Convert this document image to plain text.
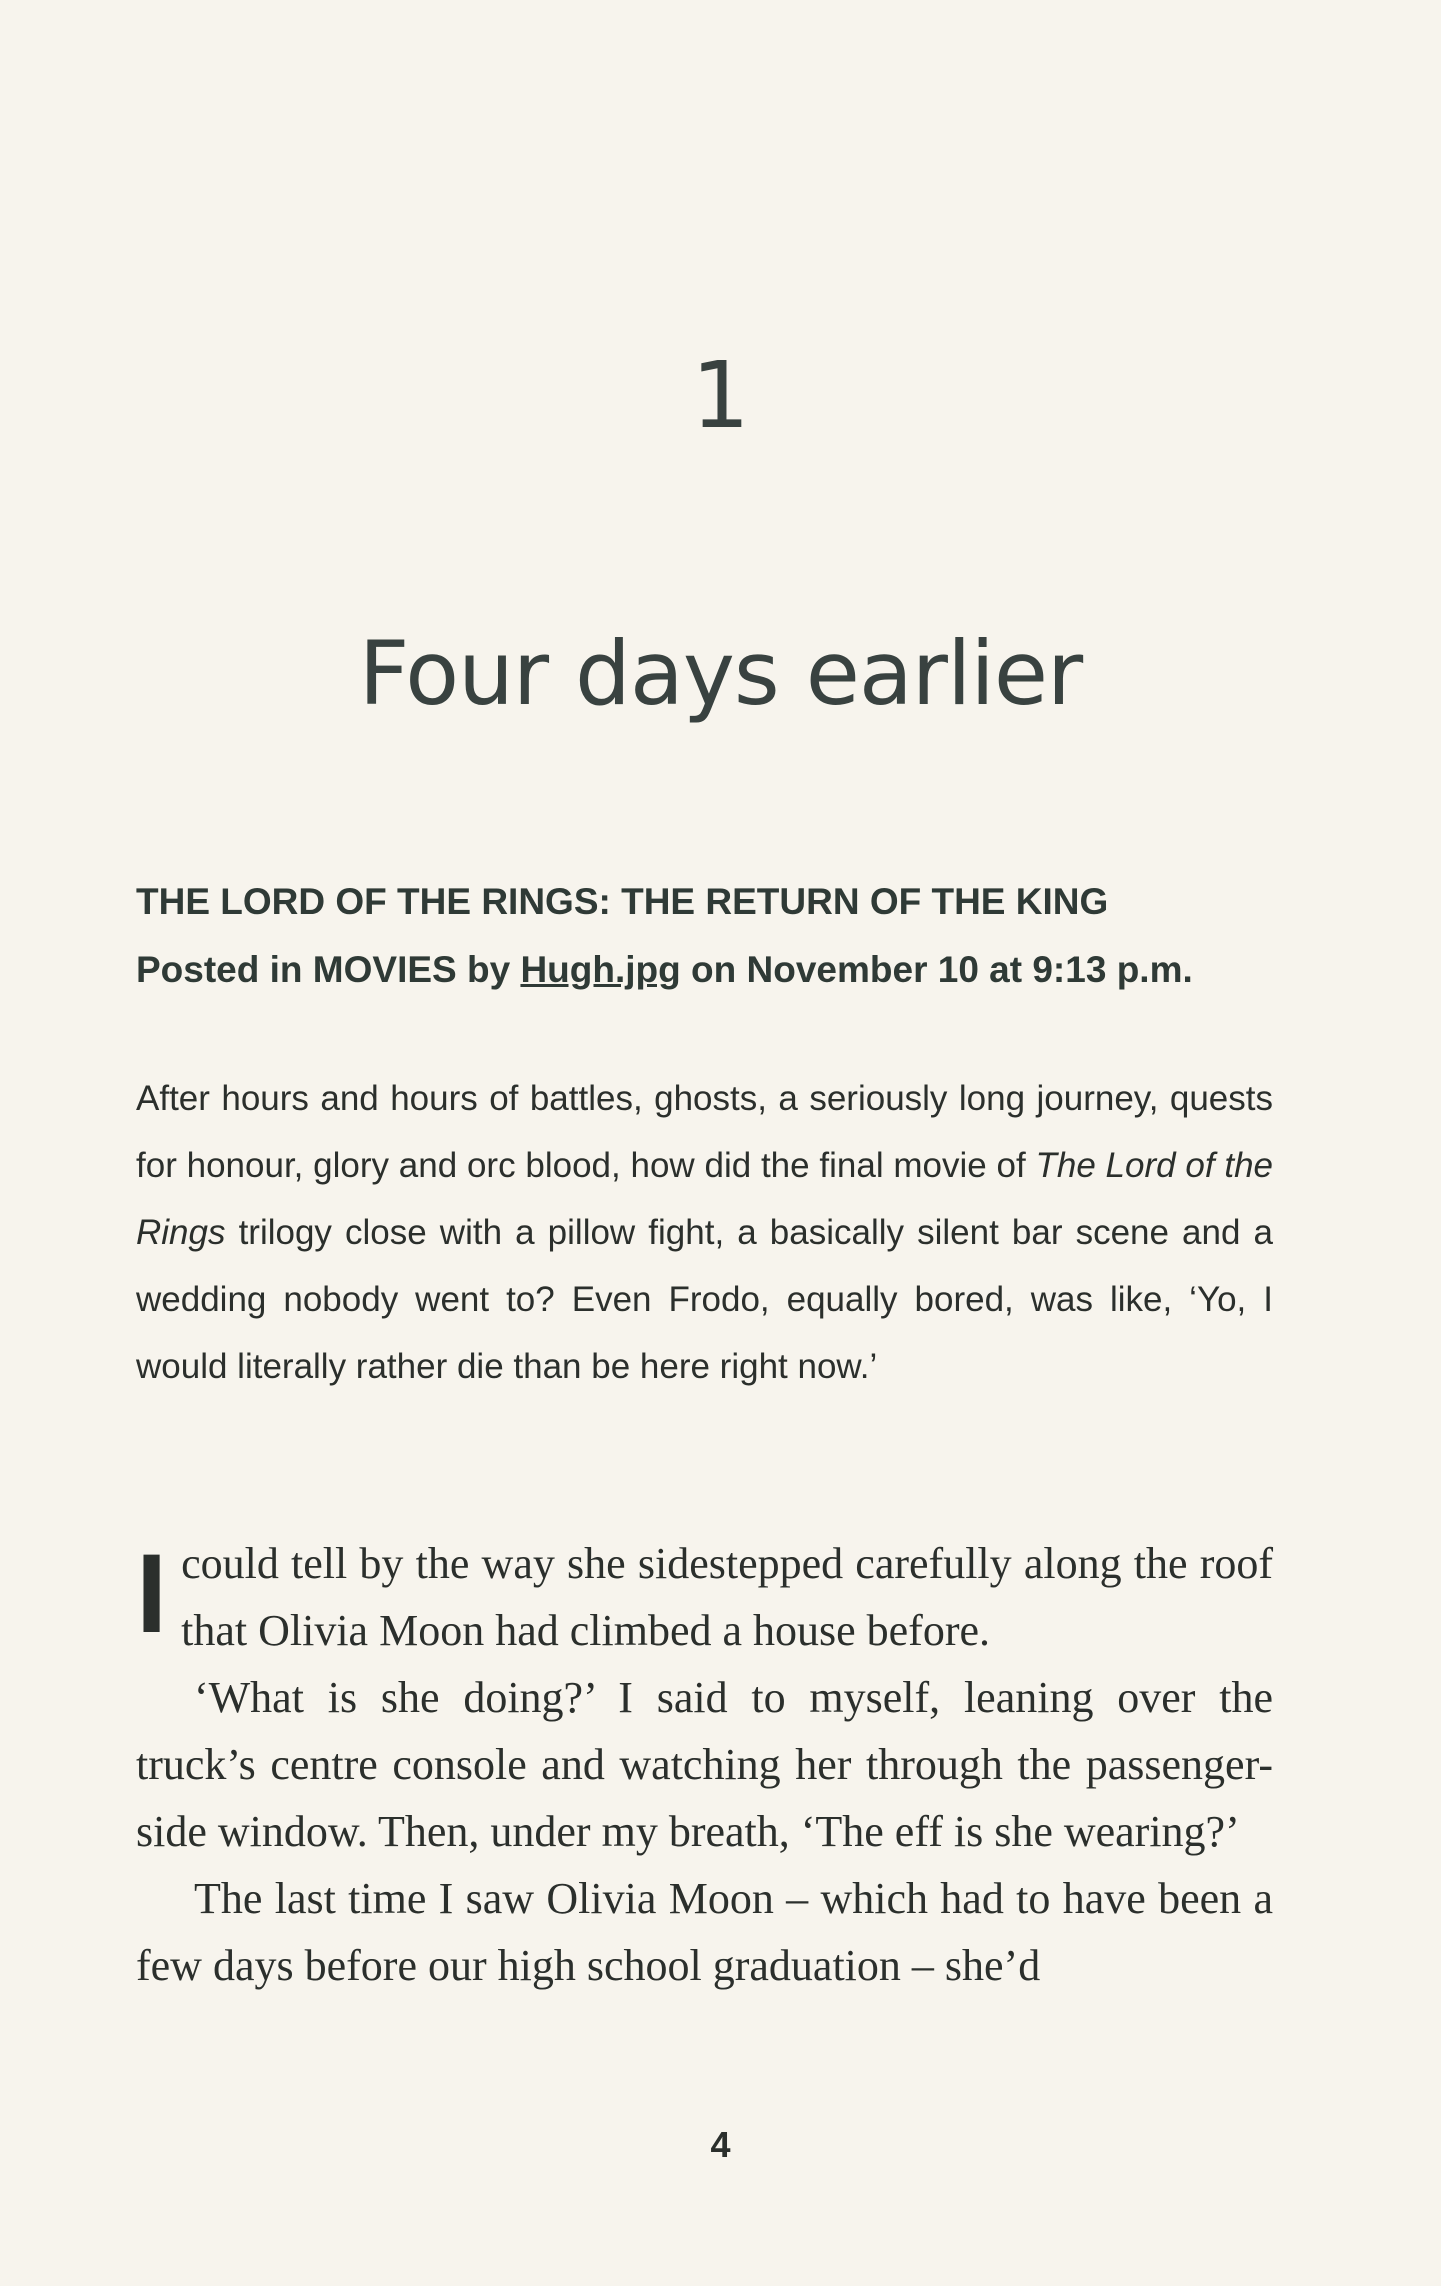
1
Four days earlier
THE LORD OF THE RINGS: THE RETURN OF THE KING
Posted in MOVIES by Hugh.jpg on November 10 at 9:13 p.m.

After hours and hours of battles, ghosts, a seriously long journey, quests for honour, glory and orc blood, how did the final movie of The Lord of the Rings trilogy close with a pillow fight, a basically silent bar scene and a wedding nobody went to? Even Frodo, equally bored, was like, ‘Yo, I would literally rather die than be here right now.’

Icould tell by the way she sidestepped carefully along the roof that Olivia Moon had climbed a house before.

‘What is she doing?’ I said to myself, leaning over the truck’s centre console and watching her through the passenger-side window. Then, under my breath, ‘The eff is she wearing?’

The last time I saw Olivia Moon – which had to have been a few days before our high school graduation – she’d

4
